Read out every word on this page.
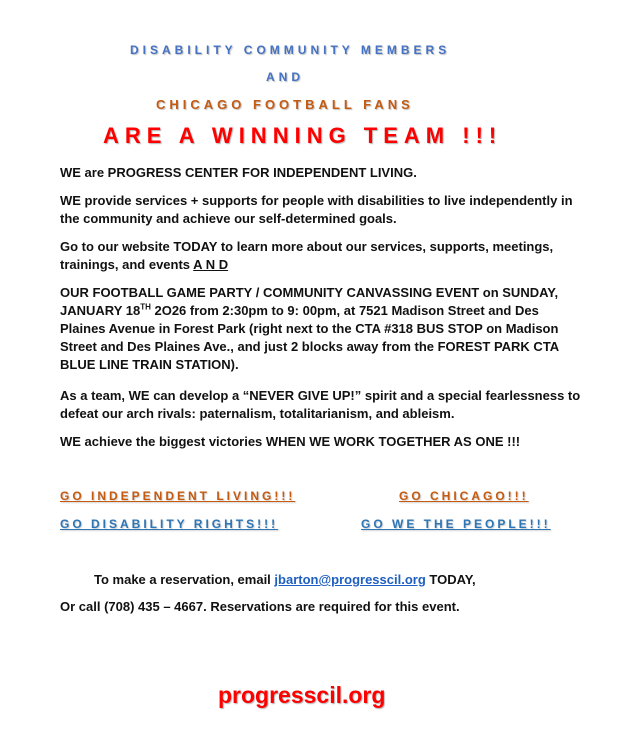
DISABILITY COMMUNITY MEMBERS
AND
CHICAGO FOOTBALL FANS
ARE A WINNING TEAM !!!
WE are PROGRESS CENTER FOR INDEPENDENT LIVING.
WE provide services + supports for people with disabilities to live independently in the community and achieve our self-determined goals.
Go to our website TODAY to learn more about our services, supports, meetings, trainings, and events A N D
OUR FOOTBALL GAME PARTY / COMMUNITY CANVASSING EVENT on SUNDAY, JANUARY 18TH 2O26 from 2:30pm to 9: 00pm, at 7521 Madison Street and Des Plaines Avenue in Forest Park (right next to the CTA #318 BUS STOP on Madison Street and Des Plaines Ave., and just 2 blocks away from the FOREST PARK CTA BLUE LINE TRAIN STATION).
As a team, WE can develop a “NEVER GIVE UP!” spirit and a special fearlessness to defeat our arch rivals: paternalism, totalitarianism, and ableism.
WE achieve the biggest victories WHEN WE WORK TOGETHER AS ONE !!!
GO INDEPENDENT LIVING!!!	GO CHICAGO!!!
GO DISABILITY RIGHTS!!!	GO WE THE PEOPLE!!!
To make a reservation, email jbarton@progresscil.org TODAY,
Or call (708) 435 – 4667. Reservations are required for this event.
progresscil.org
